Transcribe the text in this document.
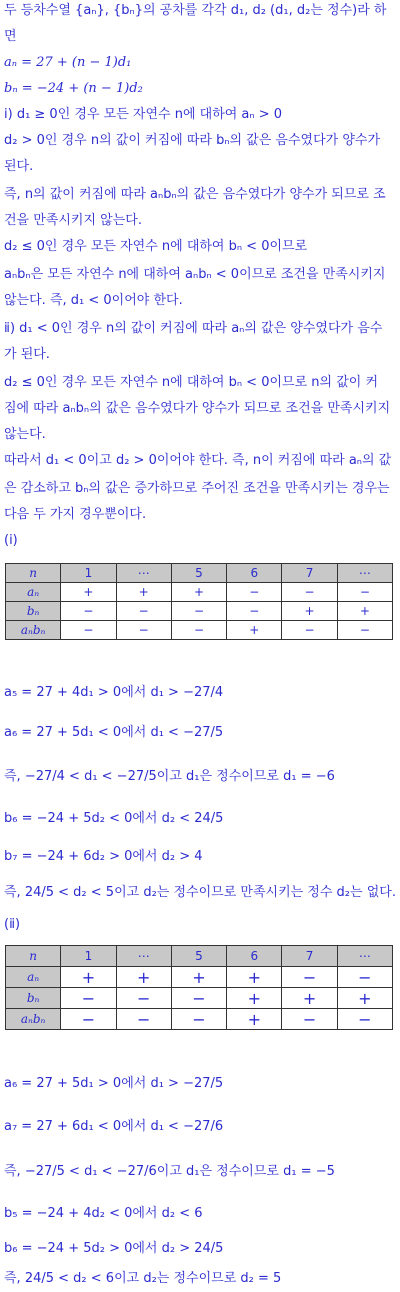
두 등차수열 {aₙ}, {bₙ}의 공차를 각각 d₁, d₂ (d₁, d₂는 정수)라 하
면
aₙ = 27 + (n − 1)d₁
bₙ = −24 + (n − 1)d₂
ⅰ) d₁ ≥ 0인 경우 모든 자연수 n에 대하여 aₙ > 0
d₂ > 0인 경우 n의 값이 커짐에 따라 bₙ의 값은 음수였다가 양수가
된다.
즉, n의 값이 커짐에 따라 aₙbₙ의 값은 음수였다가 양수가 되므로 조
건을 만족시키지 않는다.
d₂ ≤ 0인 경우 모든 자연수 n에 대하여 bₙ < 0이므로
aₙbₙ은 모든 자연수 n에 대하여 aₙbₙ < 0이므로 조건을 만족시키지
않는다. 즉, d₁ < 0이어야 한다.
ⅱ) d₁ < 0인 경우 n의 값이 커짐에 따라 aₙ의 값은 양수였다가 음수
가 된다.
d₂ ≤ 0인 경우 모든 자연수 n에 대하여 bₙ < 0이므로 n의 값이 커
짐에 따라 aₙbₙ의 값은 음수였다가 양수가 되므로 조건을 만족시키지
않는다.
따라서 d₁ < 0이고 d₂ > 0이어야 한다. 즉, n이 커짐에 따라 aₙ의 값
은 감소하고 bₙ의 값은 증가하므로 주어진 조건을 만족시키는 경우는
다음 두 가지 경우뿐이다.
(ⅰ)
n	1	⋯	5	6	7	⋯
aₙ	+	+	+	−	−	−
bₙ	−	−	−	−	+	+
aₙbₙ	−	−	−	+	−	−
a₅ = 27 + 4d₁ > 0에서 d₁ > −27/4
a₆ = 27 + 5d₁ < 0에서 d₁ < −27/5
즉, −27/4 < d₁ < −27/5이고 d₁은 정수이므로 d₁ = −6
b₆ = −24 + 5d₂ < 0에서 d₂ < 24/5
b₇ = −24 + 6d₂ > 0에서 d₂ > 4
즉, 24/5 < d₂ < 5이고 d₂는 정수이므로 만족시키는 정수 d₂는 없다.
(ⅱ)
n	1	⋯	5	6	7	⋯
aₙ	+	+	+	+	−	−
bₙ	−	−	−	+	+	+
aₙbₙ	−	−	−	+	−	−
a₆ = 27 + 5d₁ > 0에서 d₁ > −27/5
a₇ = 27 + 6d₁ < 0에서 d₁ < −27/6
즉, −27/5 < d₁ < −27/6이고 d₁은 정수이므로 d₁ = −5
b₅ = −24 + 4d₂ < 0에서 d₂ < 6
b₆ = −24 + 5d₂ > 0에서 d₂ > 24/5
즉, 24/5 < d₂ < 6이고 d₂는 정수이므로 d₂ = 5
